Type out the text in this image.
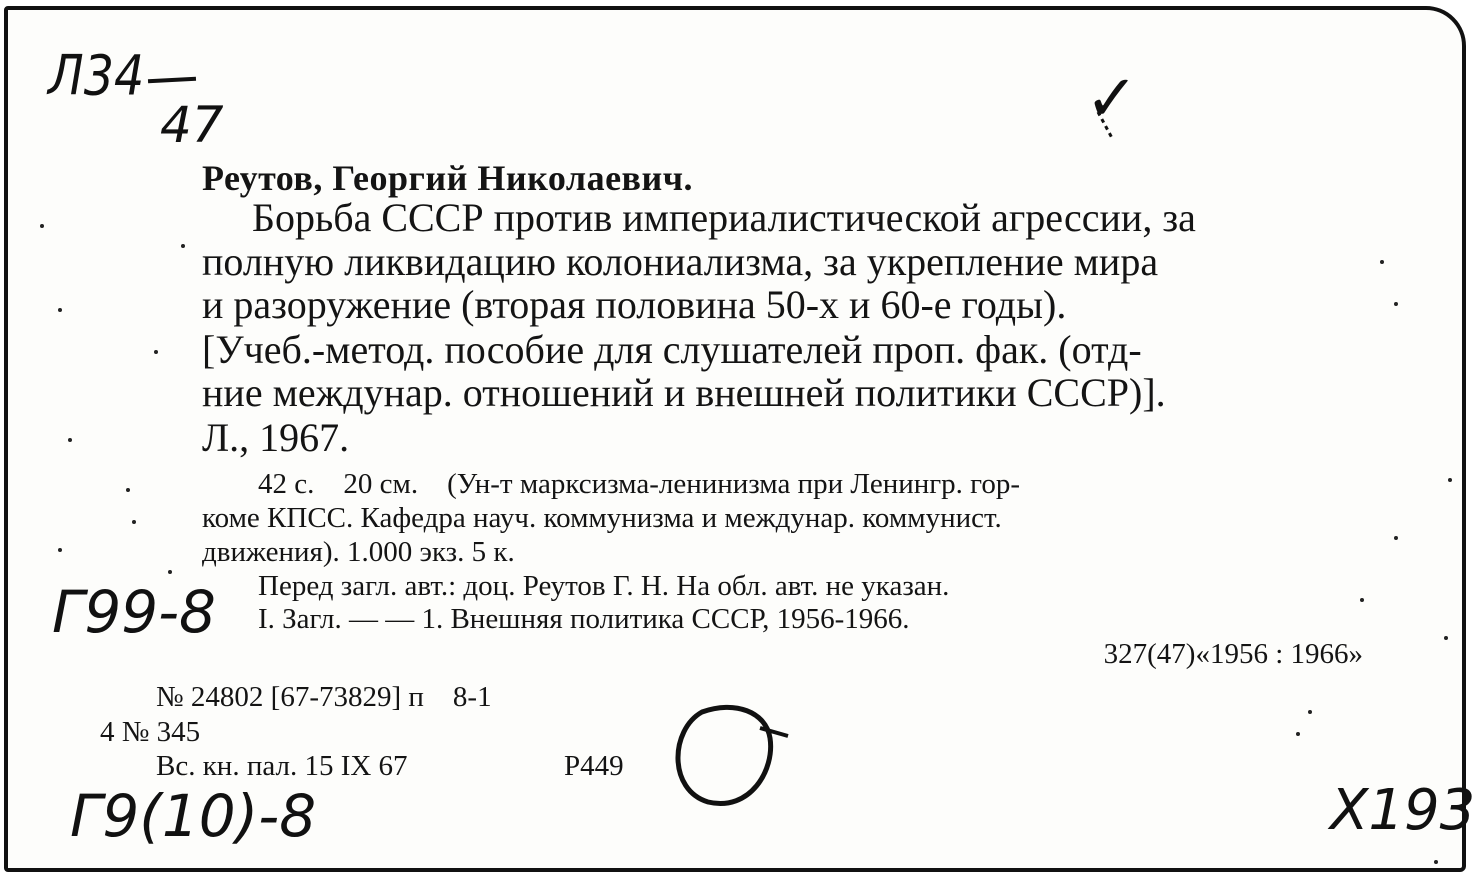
Л34
47	✓
Реутов, Георгий Николаевич.
Борьба СССР против империалистической агрессии, за
полную ликвидацию колониализма, за укрепление мира
и разоружение (вторая половина 50-х и 60-е годы).
[Учеб.-метод. пособие для слушателей проп. фак. (отд-
ние междунар. отношений и внешней политики СССР)].
Л., 1967.
42 с.    20 см.    (Ун-т марксизма-ленинизма при Ленингр. гор-
коме КПСС. Кафедра науч. коммунизма и междунар. коммунист.
движения). 1.000 экз. 5 к.
Перед загл. авт.: доц. Реутов Г. Н. На обл. авт. не указан.
I. Загл. — — 1. Внешняя политика СССР, 1956-1966.
327(47)«1956 : 1966»
Г99-8
Г9(10)-8	Х193
№ 24802 [67-73829] п    8-1
4 № 345
Вс. кн. пал. 15 IX 67	Р449
